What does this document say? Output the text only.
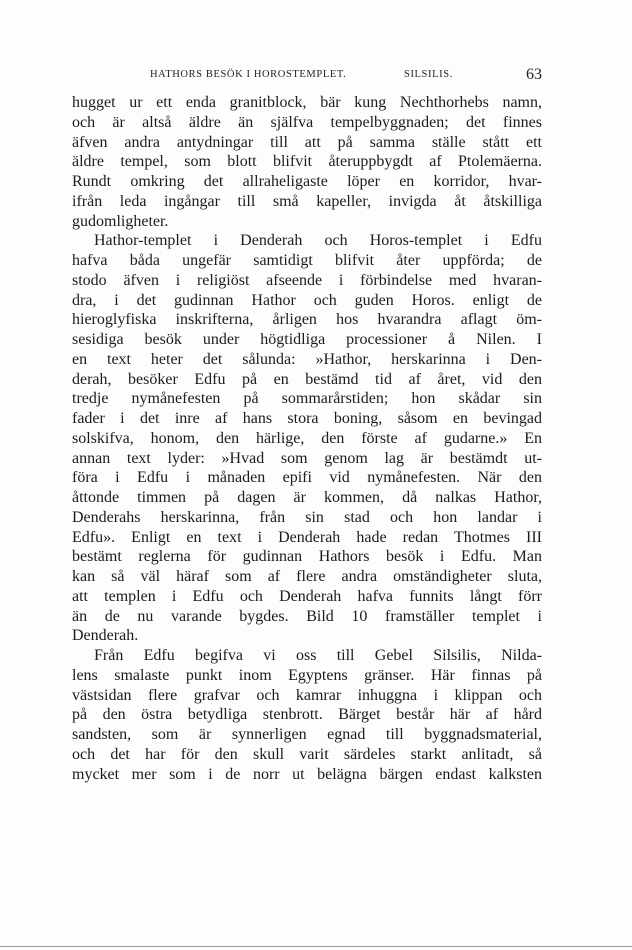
HATHORS BESÖK I HOROSTEMPLET.	SILSILIS.	63
hugget ur ett enda granitblock, bär kung Nechthorhebs namn,
och är altså äldre än själfva tempelbyggnaden; det finnes
äfven andra antydningar till att på samma ställe stått ett
äldre tempel, som blott blifvit återuppbygdt af Ptolemäerna.
Rundt omkring det allraheligaste löper en korridor, hvar-
ifrån leda ingångar till små kapeller, invigda åt åtskilliga
gudomligheter.
Hathor-templet i Denderah och Horos-templet i Edfu
hafva båda ungefär samtidigt blifvit åter uppförda; de
stodo äfven i religiöst afseende i förbindelse med hvaran-
dra, i det gudinnan Hathor och guden Horos. enligt de
hieroglyfiska inskrifterna, årligen hos hvarandra aflagt öm-
sesidiga besök under högtidliga processioner å Nilen. I
en text heter det sålunda: »Hathor, herskarinna i Den-
derah, besöker Edfu på en bestämd tid af året, vid den
tredje nymånefesten på sommarårstiden; hon skådar sin
fader i det inre af hans stora boning, såsom en bevingad
solskifva, honom, den härlige, den förste af gudarne.» En
annan text lyder: »Hvad som genom lag är bestämdt ut-
föra i Edfu i månaden epifi vid nymånefesten. När den
åttonde timmen på dagen är kommen, då nalkas Hathor,
Denderahs herskarinna, från sin stad och hon landar i
Edfu». Enligt en text i Denderah hade redan Thotmes III
bestämt reglerna för gudinnan Hathors besök i Edfu. Man
kan så väl häraf som af flere andra omständigheter sluta,
att templen i Edfu och Denderah hafva funnits långt förr
än de nu varande bygdes. Bild 10 framställer templet i
Denderah.
Från Edfu begifva vi oss till Gebel Silsilis, Nilda-
lens smalaste punkt inom Egyptens gränser. Här finnas på
västsidan flere grafvar och kamrar inhuggna i klippan och
på den östra betydliga stenbrott. Bärget består här af hård
sandsten, som är synnerligen egnad till byggnadsmaterial,
och det har för den skull varit särdeles starkt anlitadt, så
mycket mer som i de norr ut belägna bärgen endast kalksten
